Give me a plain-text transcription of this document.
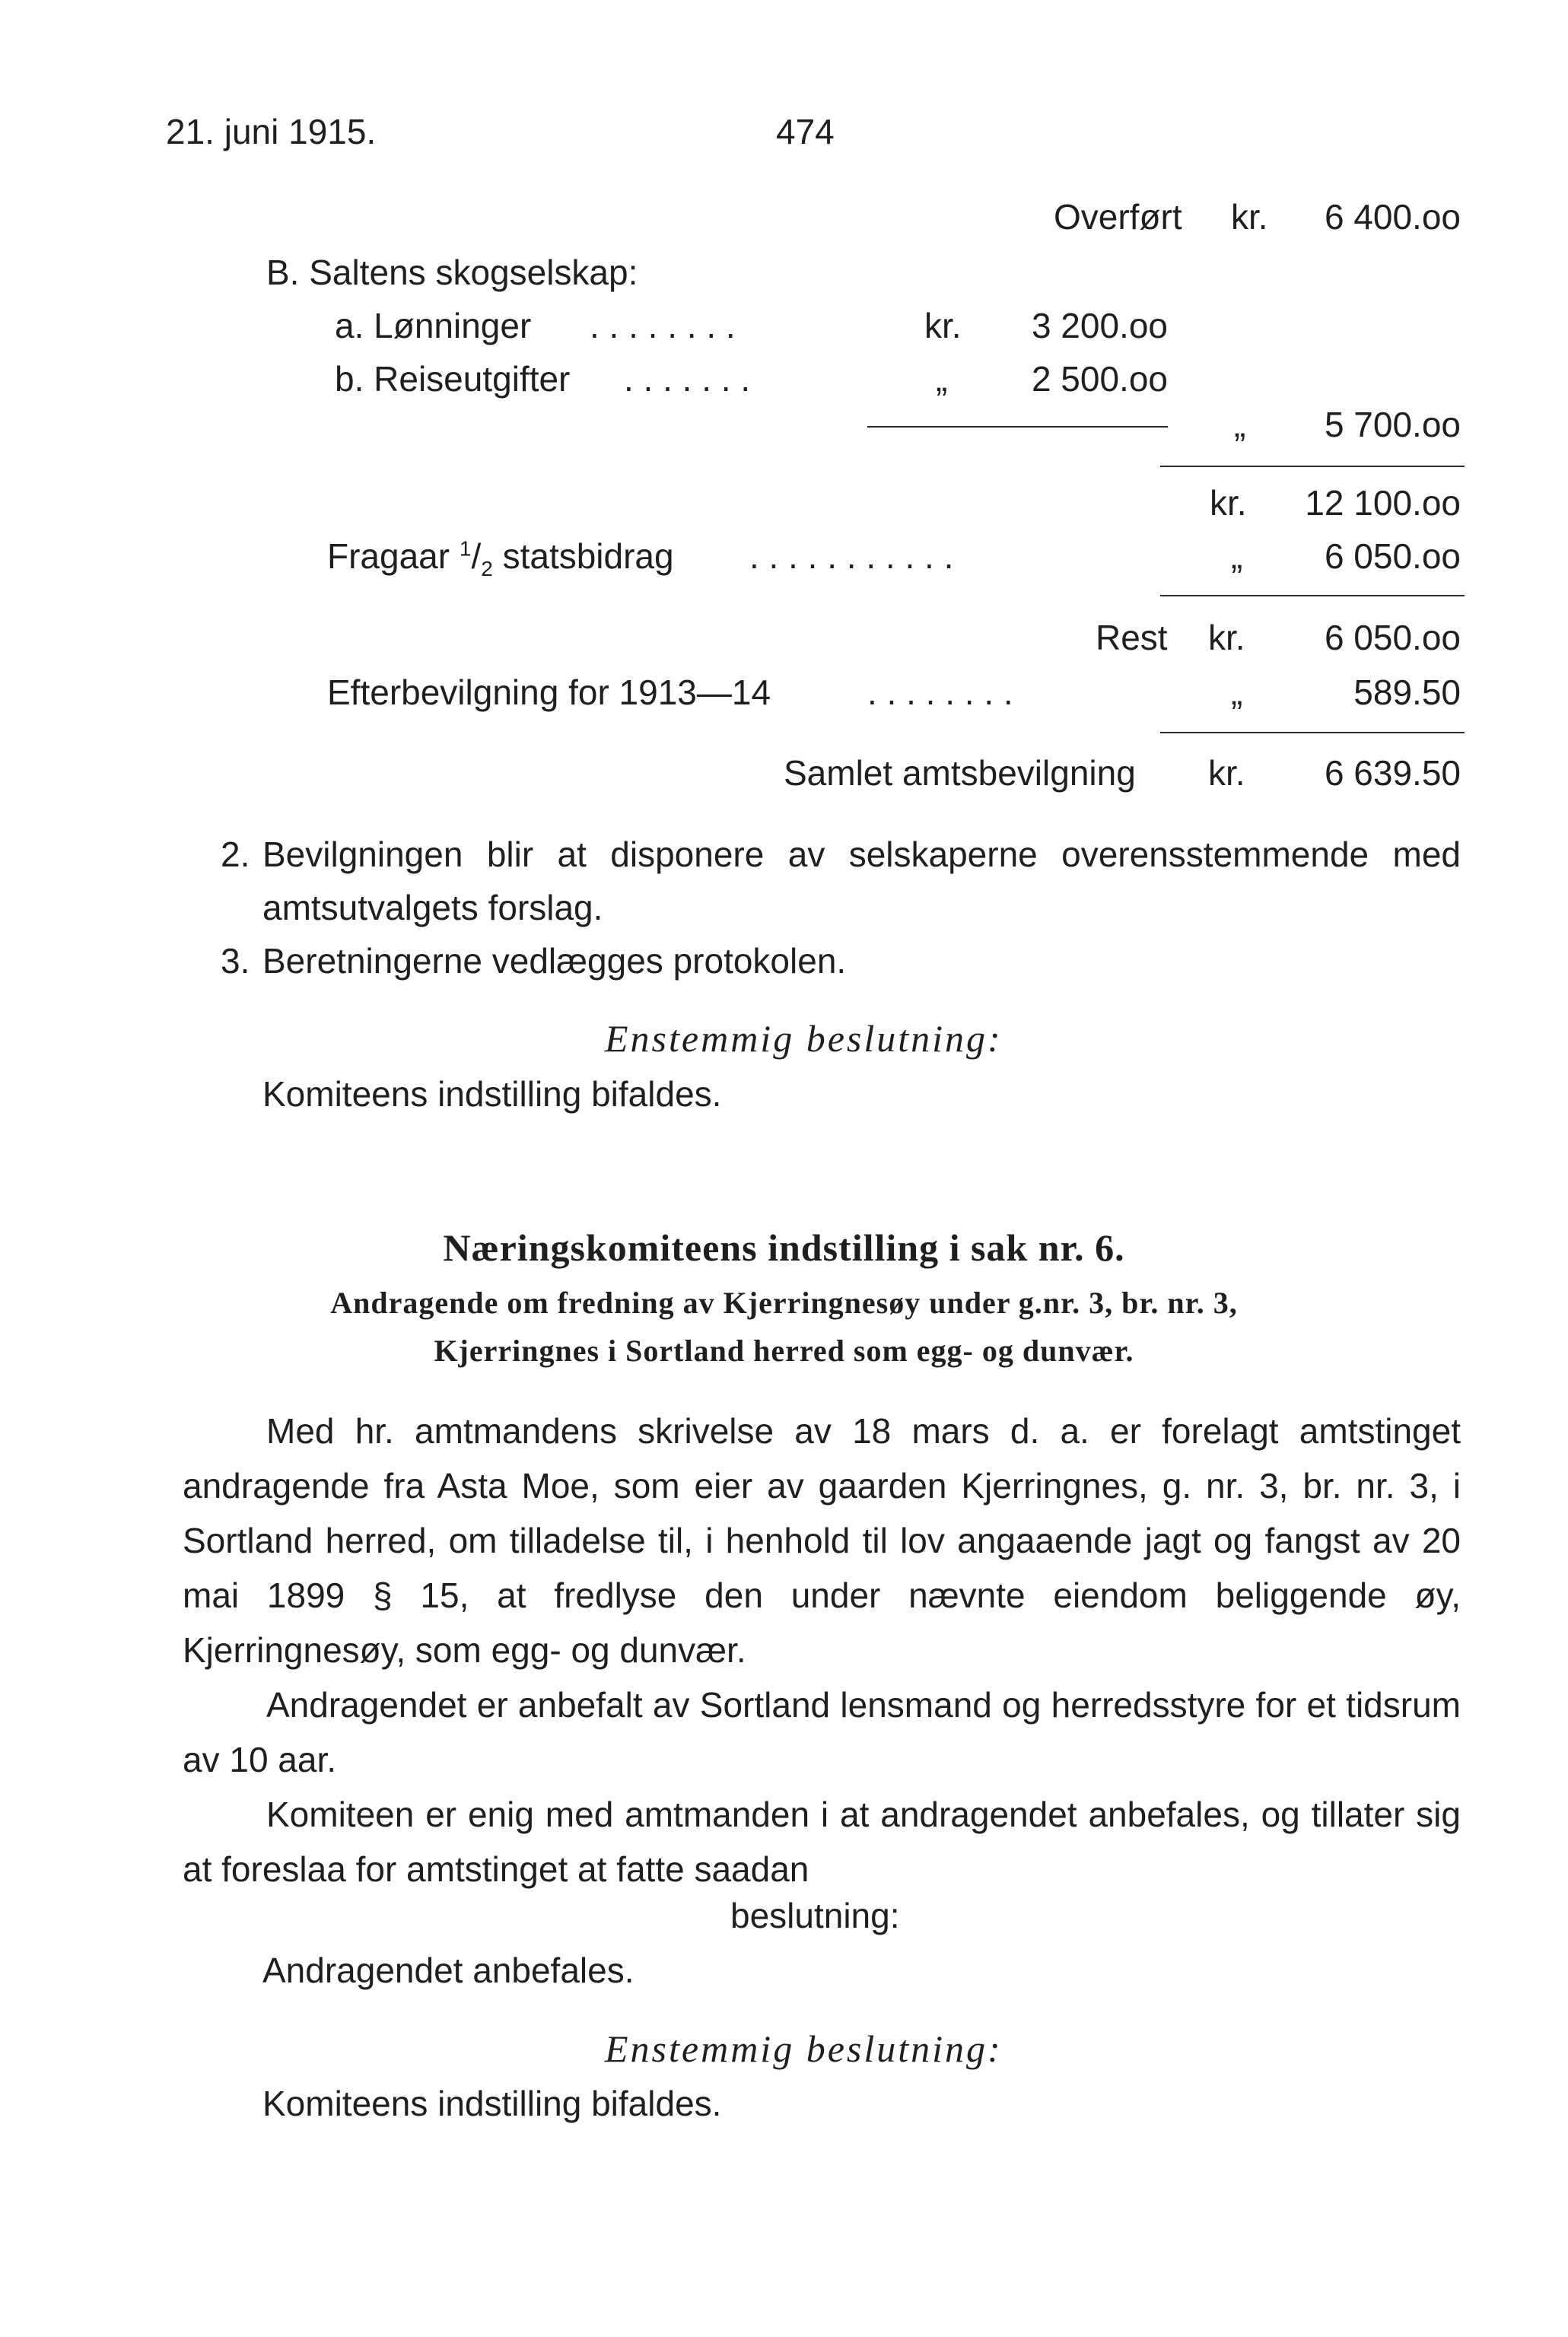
21. juni 1915.	474
Overført kr.	6 400.oo
B. Saltens skogselskap:
a. Lønninger . . . . . . . .	kr.	3 200.oo
b. Reiseutgifter . . . . . . .	„	2 500.oo
„	5 700.oo
kr.	12 100.oo
Fragaar $^1/_2$ statsbidrag . . . . . . . . . . .	„	6 050.oo
Rest kr.	6 050.oo
Efterbevilgning for 1913—14	. . . . . . . .	„	589.50
Samlet amtsbevilgning kr.	6 639.50
2. Bevilgningen blir at disponere av selskaperne overensstemmende med
amtsutvalgets forslag.
3. Beretningerne vedlægges protokolen.
Enstemmig beslutning:
Komiteens indstilling bifaldes.
Næringskomiteens indstilling i sak nr. 6.
Andragende om fredning av Kjerringnesøy under g.nr. 3, br. nr. 3,
Kjerringnes i Sortland herred som egg- og dunvær.
Med hr. amtmandens skrivelse av 18 mars d. a. er forelagt amtstinget andragende fra Asta Moe, som eier av gaarden Kjerringnes, g. nr. 3, br. nr. 3, i Sortland herred, om tilladelse til, i henhold til lov angaaende jagt og fangst av 20 mai 1899 § 15, at fredlyse den under nævnte eiendom beliggende øy, Kjerringnesøy, som egg- og dunvær.
Andragendet er anbefalt av Sortland lensmand og herredsstyre for et tidsrum av 10 aar.
Komiteen er enig med amtmanden i at andragendet anbefales, og tillater sig at foreslaa for amtstinget at fatte saadan
beslutning:
Andragendet anbefales.
Enstemmig beslutning:
Komiteens indstilling bifaldes.
